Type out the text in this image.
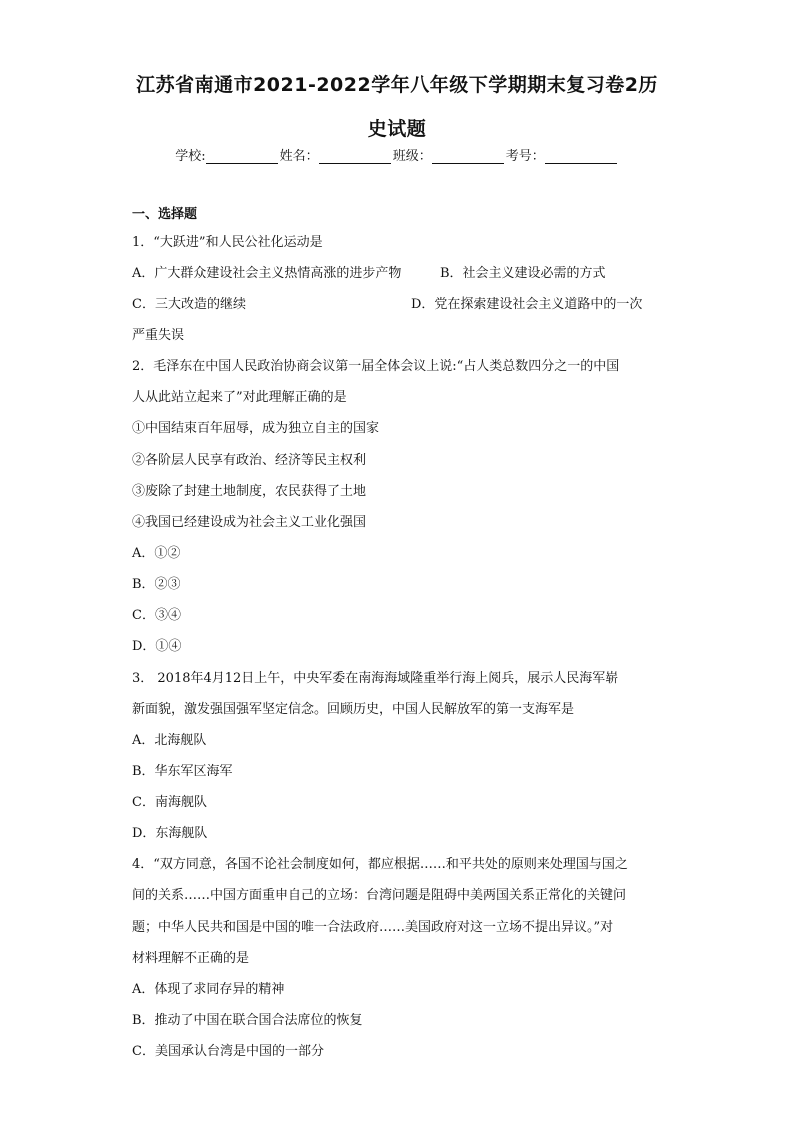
江苏省南通市2021-2022学年八年级下学期期末复习卷2历
史试题
学校:	姓名：	班级：	考号：
一、选择题
1．“大跃进”和人民公社化运动是
A．广大群众建设社会主义热情高涨的进步产物	B．社会主义建设必需的方式
C．三大改造的继续	D．党在探索建设社会主义道路中的一次
严重失误
2．毛泽东在中国人民政治协商会议第一届全体会议上说:“占人类总数四分之一的中国
人从此站立起来了”对此理解正确的是
①中国结束百年屈辱，成为独立自主的国家
②各阶层人民享有政治、经济等民主权利
③废除了封建土地制度，农民获得了土地
④我国已经建设成为社会主义工业化强国
A．①②
B．②③
C．③④
D．①④
3． 2018年4月12日上午，中央军委在南海海域隆重举行海上阅兵，展示人民海军崭
新面貌，激发强国强军坚定信念。回顾历史，中国人民解放军的第一支海军是
A．北海舰队
B．华东军区海军
C．南海舰队
D．东海舰队
4．“双方同意，各国不论社会制度如何，都应根据……和平共处的原则来处理国与国之
间的关系……中国方面重申自己的立场：台湾问题是阻碍中美两国关系正常化的关键问
题；中华人民共和国是中国的唯一合法政府……美国政府对这一立场不提出异议。”对
材料理解不正确的是
A．体现了求同存异的精神
B．推动了中国在联合国合法席位的恢复
C．美国承认台湾是中国的一部分
